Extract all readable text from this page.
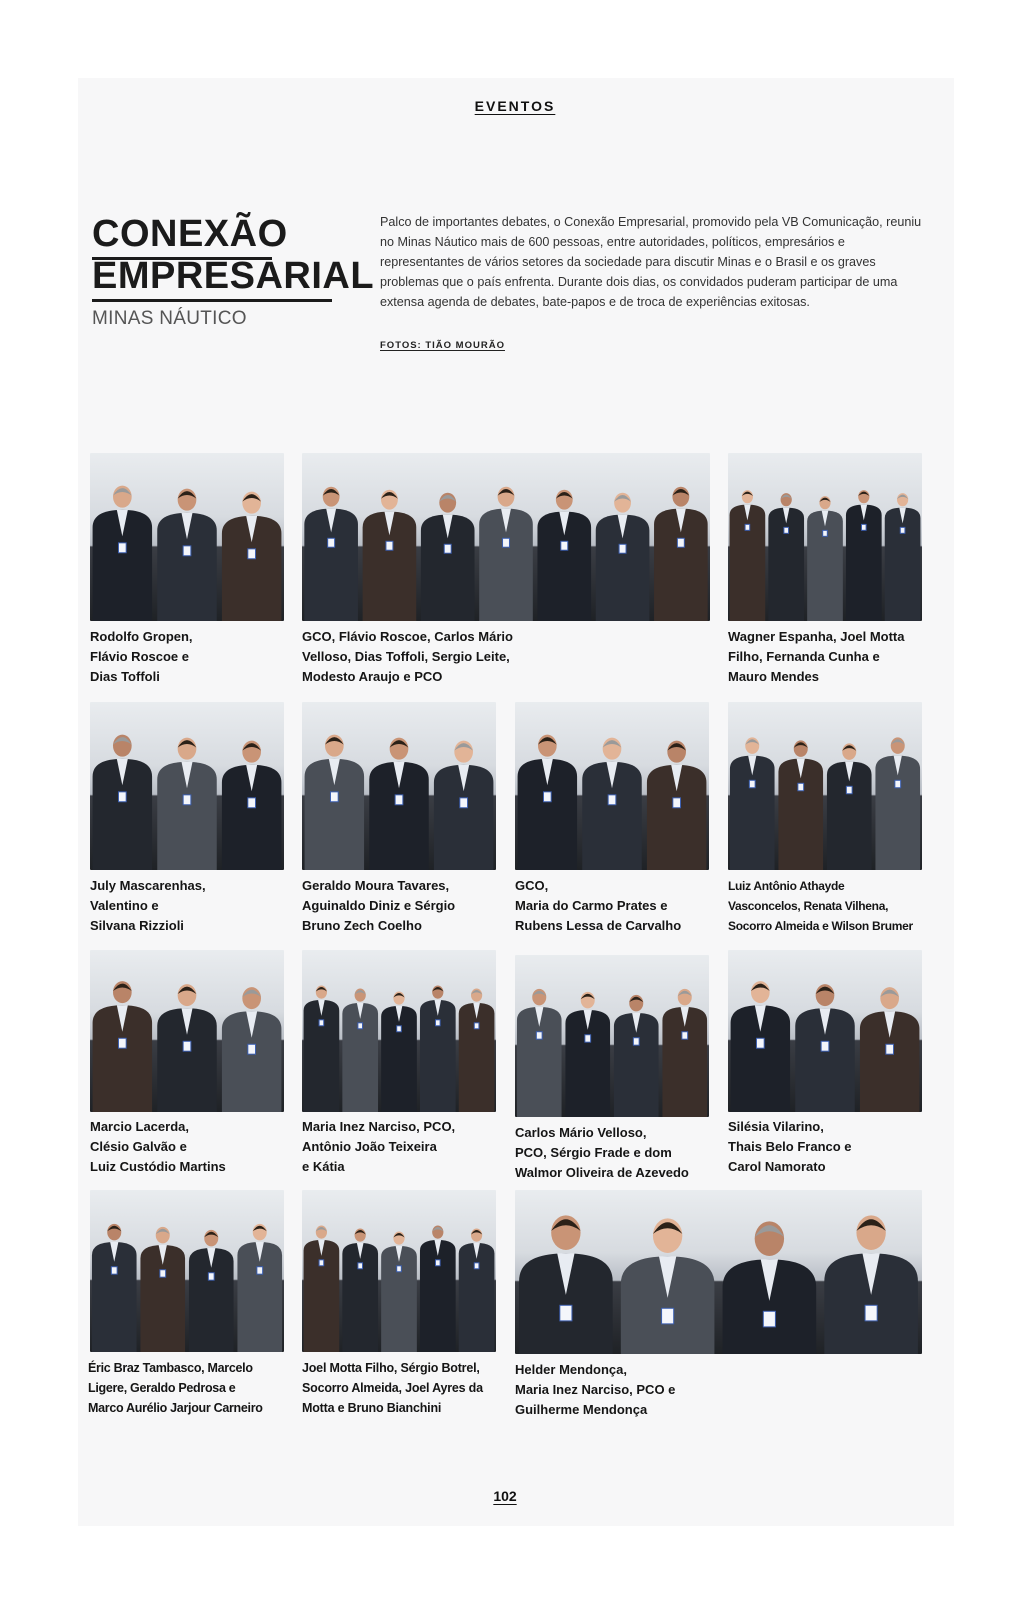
EVENTOS
CONEXÃO
EMPRESARIAL
MINAS NÁUTICO
Palco de importantes debates, o Conexão Empresarial, promovido pela VB Comunicação, reuniu no Minas Náutico mais de 600 pessoas, entre autoridades, políticos, empresários e representantes de vários setores da sociedade para discutir Minas e o Brasil e os graves problemas que o país enfrenta. Durante dois dias, os convidados puderam participar de uma extensa agenda de debates, bate-papos e de troca de experiências exitosas.
FOTOS: TIÃO MOURÃO
Rodolfo Gropen,
Flávio Roscoe e
Dias Toffoli
GCO, Flávio Roscoe, Carlos Mário
Velloso, Dias Toffoli, Sergio Leite,
Modesto Araujo e PCO
Wagner Espanha, Joel Motta
Filho, Fernanda Cunha e
Mauro Mendes
July Mascarenhas,
Valentino e
Silvana Rizzioli
Geraldo Moura Tavares,
Aguinaldo Diniz e Sérgio
Bruno Zech Coelho
GCO,
Maria do Carmo Prates e
Rubens Lessa de Carvalho
Luiz Antônio Athayde
Vasconcelos, Renata Vilhena,
Socorro Almeida e Wilson Brumer
Marcio Lacerda,
Clésio Galvão e
Luiz Custódio Martins
Maria Inez Narciso, PCO,
Antônio João Teixeira
e Kátia
Carlos Mário Velloso,
PCO, Sérgio Frade e dom
Walmor Oliveira de Azevedo
Silésia Vilarino,
Thais Belo Franco e
Carol Namorato
Éric Braz Tambasco, Marcelo
Ligere, Geraldo Pedrosa e
Marco Aurélio Jarjour Carneiro
Joel Motta Filho, Sérgio Botrel,
Socorro Almeida, Joel Ayres da
Motta e Bruno Bianchini
Helder Mendonça,
Maria Inez Narciso, PCO e
Guilherme Mendonça
102
